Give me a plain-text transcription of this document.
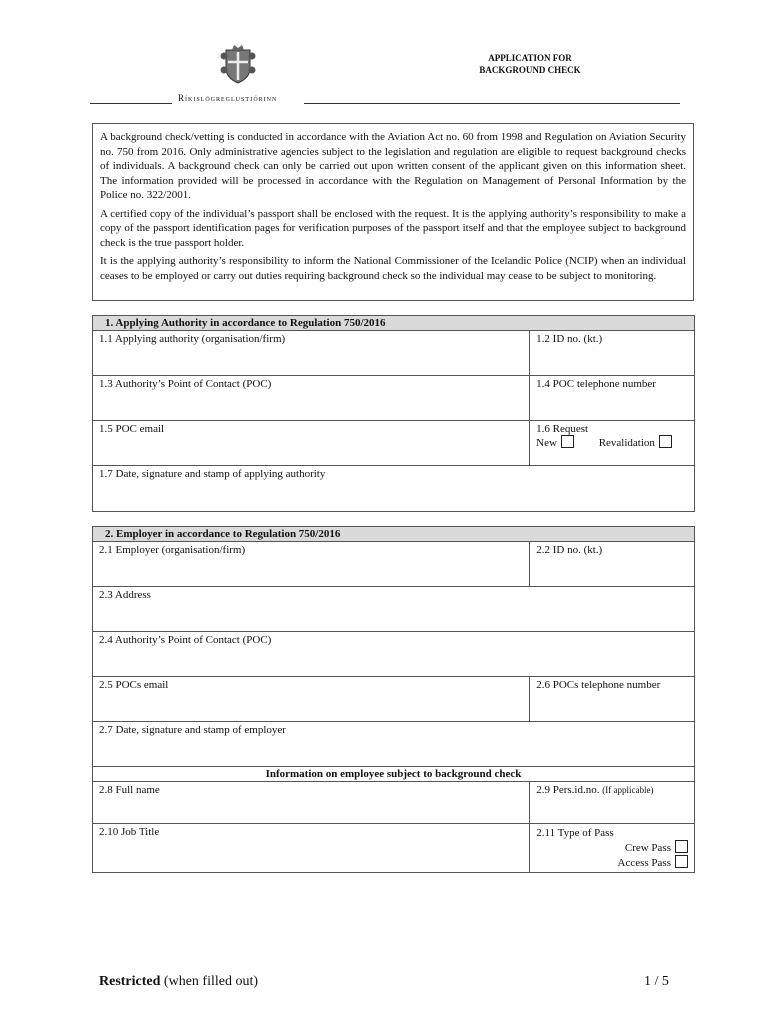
APPLICATION FOR
BACKGROUND CHECK
Ríkislögreglustjórinn

A background check/vetting is conducted in accordance with the Aviation Act no. 60 from 1998 and Regulation on Aviation Security no. 750 from 2016. Only administrative agencies subject to the legislation and regulation are eligible to request background checks of individuals. A background check can only be carried out upon written consent of the applicant given on this information sheet. The information provided will be processed in accordance with the Regulation on Management of Personal Information by the Police no. 322/2001.

A certified copy of the individual’s passport shall be enclosed with the request. It is the applying authority’s responsibility to make a copy of the passport identification pages for verification purposes of the passport itself and that the employee subject to background check is the true passport holder.

It is the applying authority’s responsibility to inform the National Commissioner of the Icelandic Police (NCIP) when an individual ceases to be employed or carry out duties requiring background check so the individual may cease to be subject to monitoring.

1. Applying Authority in accordance to Regulation 750/2016	
1.1 Applying authority (organisation/firm)	1.2 ID no. (kt.)
1.3 Authority’s Point of Contact (POC)	1.4 POC telephone number
1.5 POC email	1.6 Request
New Revalidation

1.7 Date, signature and stamp of applying authority	
2. Employer in accordance to Regulation 750/2016	
2.1 Employer (organisation/firm)	2.2 ID no. (kt.)
2.3 Address	
2.4 Authority’s Point of Contact (POC)	
2.5 POCs email	2.6 POCs telephone number
2.7 Date, signature and stamp of employer	
Information on employee subject to background check	
2.8 Full name	2.9 Pers.id.no. (If applicable)
2.10 Job Title	2.11 Type of Pass
Crew Pass
Access Pass
Restricted (when filled out)	1 / 5
